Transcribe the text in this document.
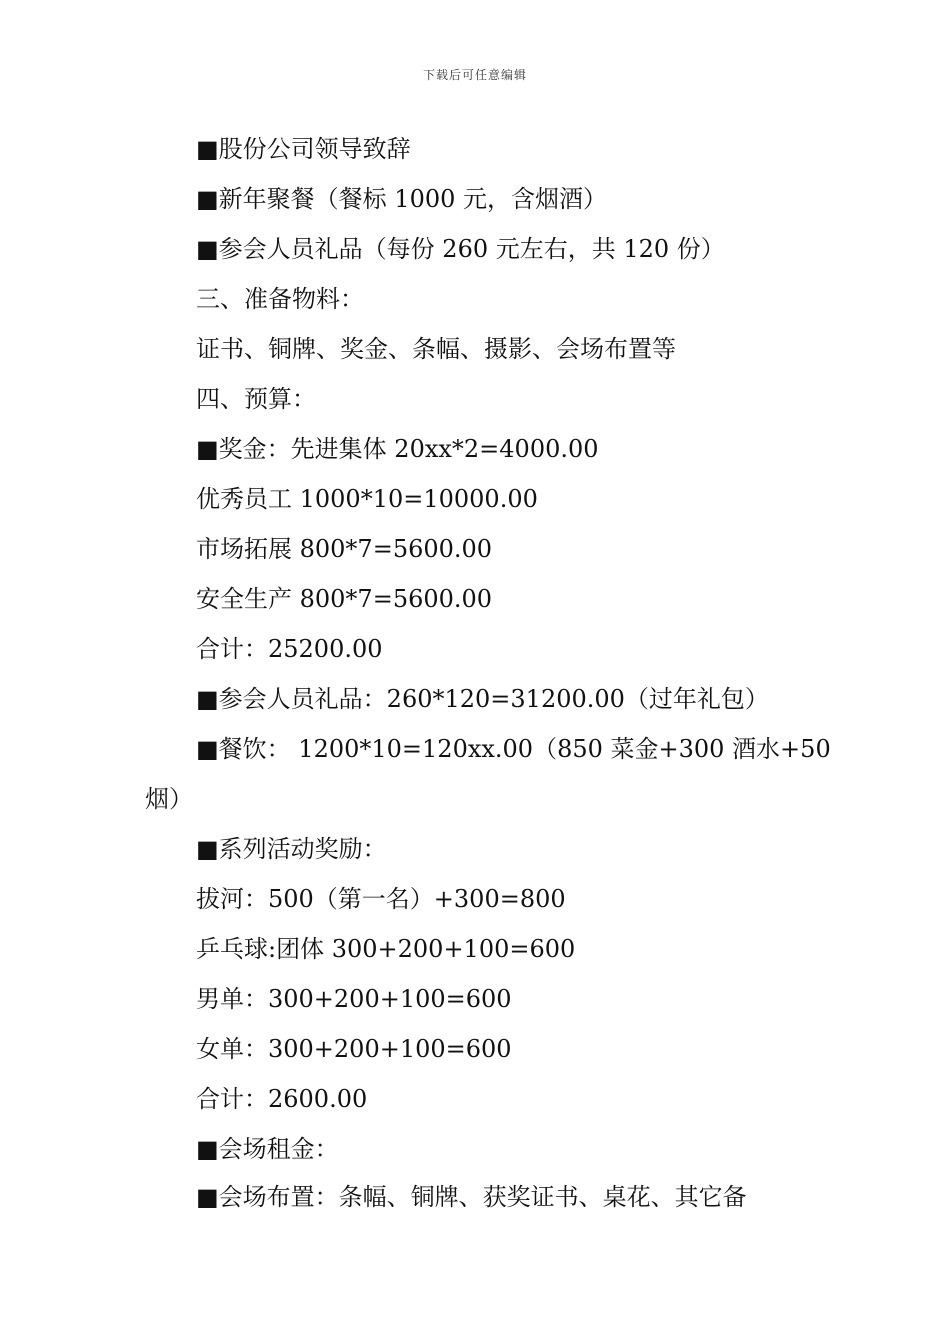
下载后可任意编辑
■股份公司领导致辞
■新年聚餐（餐标 1000 元，含烟酒）
■参会人员礼品（每份 260 元左右，共 120 份）
三、准备物料：
证书、铜牌、奖金、条幅、摄影、会场布置等
四、预算：
■奖金：先进集体 20xx*2=4000.00
优秀员工 1000*10=10000.00
市场拓展 800*7=5600.00
安全生产 800*7=5600.00
合计：25200.00
■参会人员礼品：260*120=31200.00（过年礼包）
■餐饮： 1200*10=120xx.00（850 菜金+300 酒水+50
烟）
■系列活动奖励：
拔河：500（第一名）+300=800
乒乓球:团体 300+200+100=600
男单：300+200+100=600
女单：300+200+100=600
合计：2600.00
■会场租金：
■会场布置：条幅、铜牌、获奖证书、桌花、其它备
